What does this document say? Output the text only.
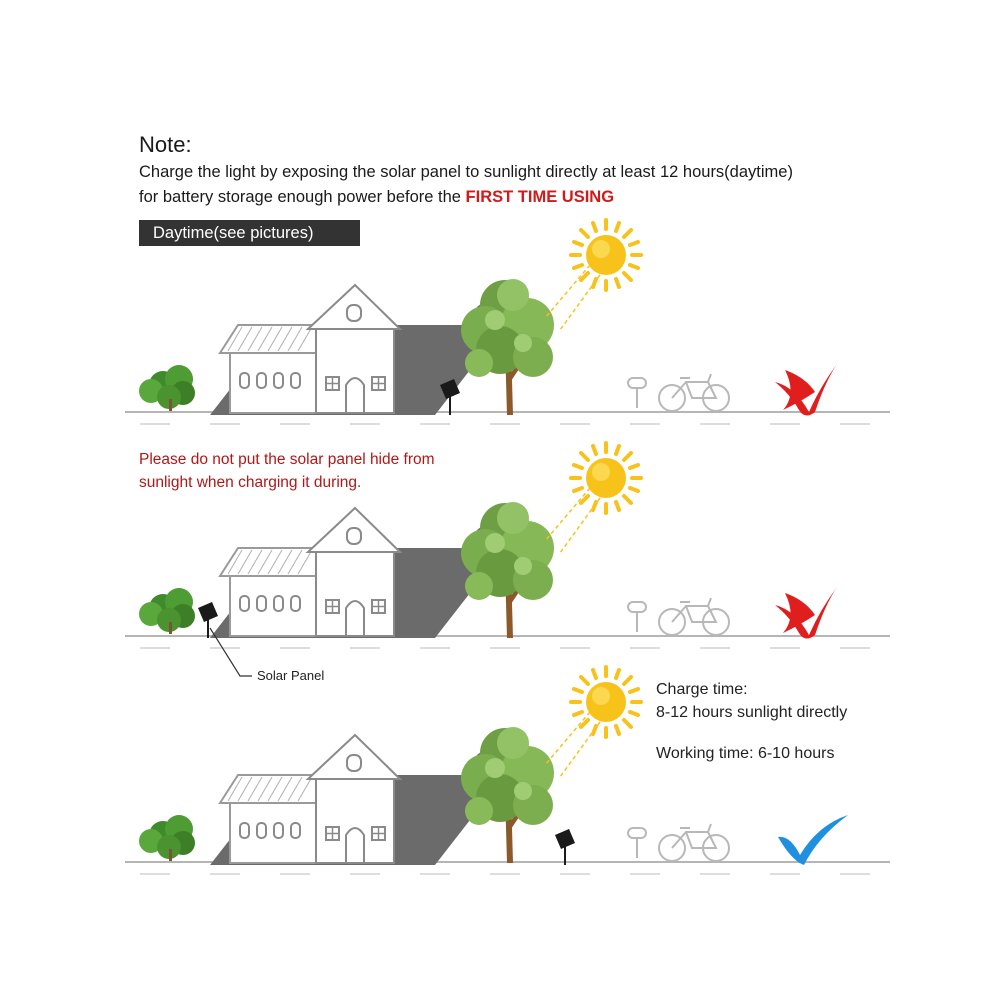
Note:
Charge the light by exposing the solar panel to sunlight directly at least 12 hours(daytime)
for battery storage enough power before the FIRST TIME USING
Daytime(see pictures)
Please do not put the solar panel hide from
sunlight when charging it during.
Solar Panel
Charge time:
8-12 hours sunlight directly
Working time: 6-10 hours
